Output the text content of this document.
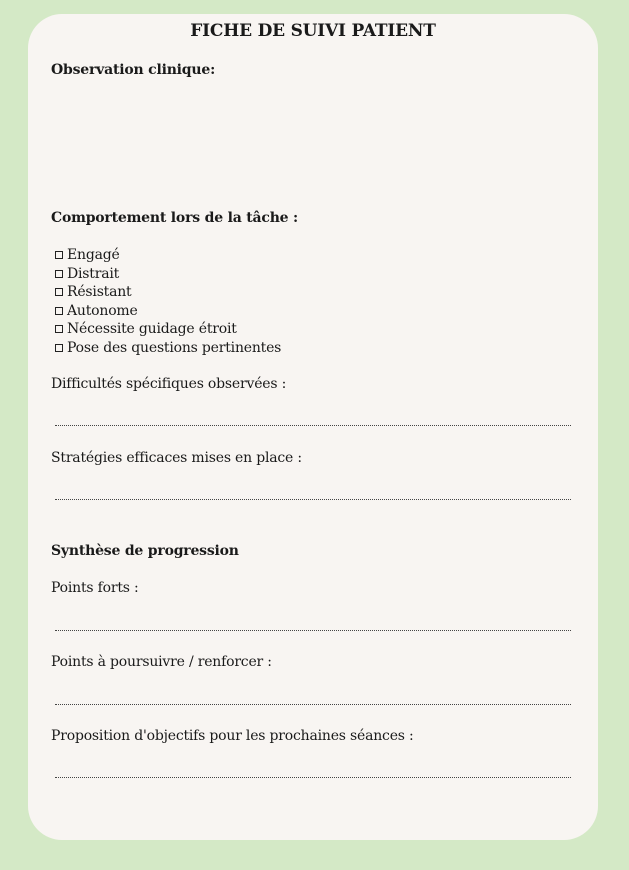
FICHE DE SUIVI PATIENT
Observation clinique:
Comportement lors de la tâche :
Engagé
Distrait
Résistant
Autonome
Nécessite guidage étroit
Pose des questions pertinentes
Difficultés spécifiques observées :
Stratégies efficaces mises en place :
Synthèse de progression
Points forts :
Points à poursuivre / renforcer :
Proposition d'objectifs pour les prochaines séances :
